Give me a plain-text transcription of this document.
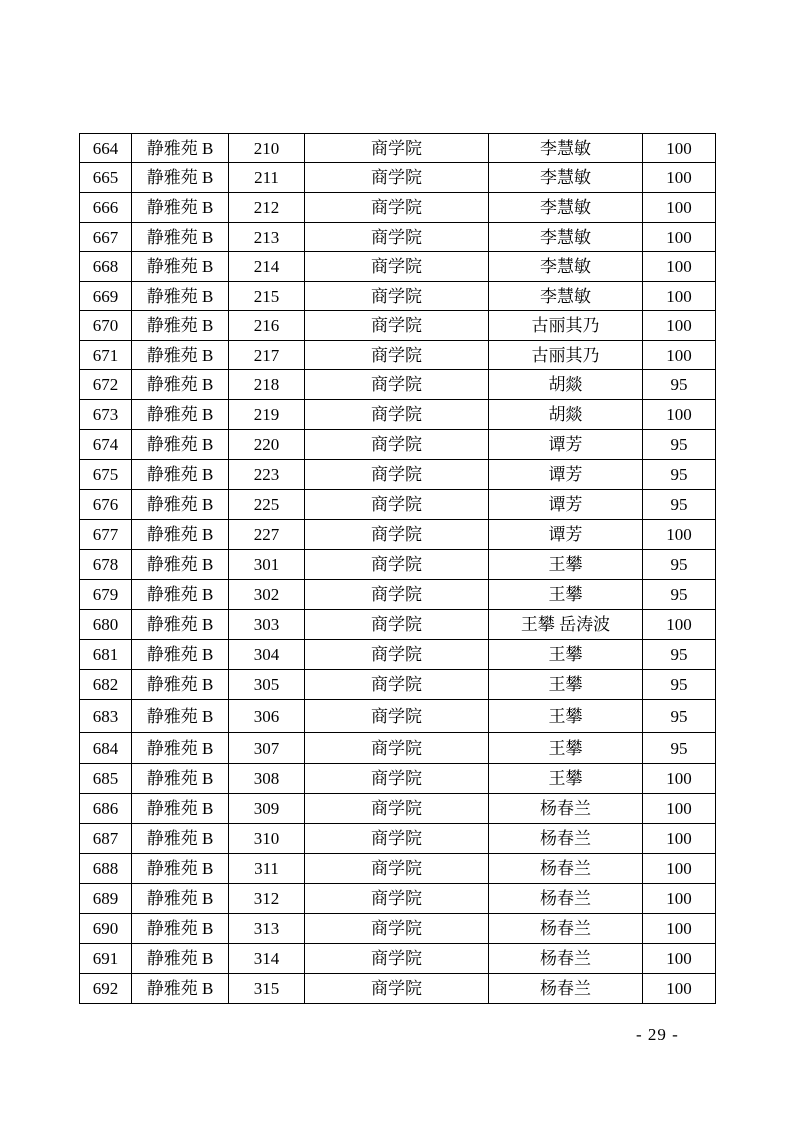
664	静雅苑 B	210	商学院	李慧敏	100
665	静雅苑 B	211	商学院	李慧敏	100
666	静雅苑 B	212	商学院	李慧敏	100
667	静雅苑 B	213	商学院	李慧敏	100
668	静雅苑 B	214	商学院	李慧敏	100
669	静雅苑 B	215	商学院	李慧敏	100
670	静雅苑 B	216	商学院	古丽其乃	100
671	静雅苑 B	217	商学院	古丽其乃	100
672	静雅苑 B	218	商学院	胡燚	95
673	静雅苑 B	219	商学院	胡燚	100
674	静雅苑 B	220	商学院	谭芳	95
675	静雅苑 B	223	商学院	谭芳	95
676	静雅苑 B	225	商学院	谭芳	95
677	静雅苑 B	227	商学院	谭芳	100
678	静雅苑 B	301	商学院	王攀	95
679	静雅苑 B	302	商学院	王攀	95
680	静雅苑 B	303	商学院	王攀 岳涛波	100
681	静雅苑 B	304	商学院	王攀	95
682	静雅苑 B	305	商学院	王攀	95
683	静雅苑 B	306	商学院	王攀	95
684	静雅苑 B	307	商学院	王攀	95
685	静雅苑 B	308	商学院	王攀	100
686	静雅苑 B	309	商学院	杨春兰	100
687	静雅苑 B	310	商学院	杨春兰	100
688	静雅苑 B	311	商学院	杨春兰	100
689	静雅苑 B	312	商学院	杨春兰	100
690	静雅苑 B	313	商学院	杨春兰	100
691	静雅苑 B	314	商学院	杨春兰	100
692	静雅苑 B	315	商学院	杨春兰	100
- 29 -
